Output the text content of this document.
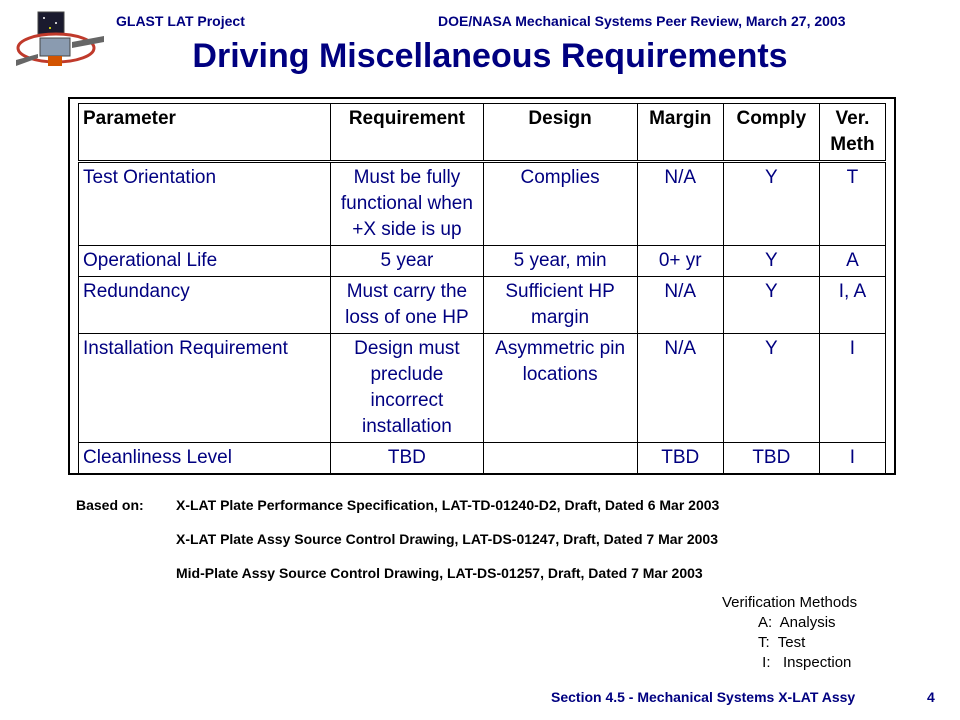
GLAST LAT Project	DOE/NASA Mechanical Systems Peer Review, March 27, 2003
Driving Miscellaneous Requirements
Parameter	Requirement	Design	Margin	Comply	Ver. Meth
Test Orientation	Must be fully functional when +X side is up	Complies	N/A	Y	T
Operational Life	5 year	5 year, min	0+ yr	Y	A
Redundancy	Must carry the loss of one HP	Sufficient HP margin	N/A	Y	I, A
Installation Requirement	Design must preclude incorrect installation	Asymmetric pin locations	N/A	Y	I
Cleanliness Level	TBD		TBD	TBD	I
Based on: X-LAT Plate Performance Specification, LAT-TD-01240-D2, Draft, Dated 6 Mar 2003
X-LAT Plate Assy Source Control Drawing, LAT-DS-01247, Draft, Dated 7 Mar 2003
Mid-Plate Assy Source Control Drawing, LAT-DS-01257, Draft, Dated 7 Mar 2003
Verification Methods
A:  Analysis
T:  Test
I:   Inspection
Section 4.5 - Mechanical Systems X-LAT Assy	4
